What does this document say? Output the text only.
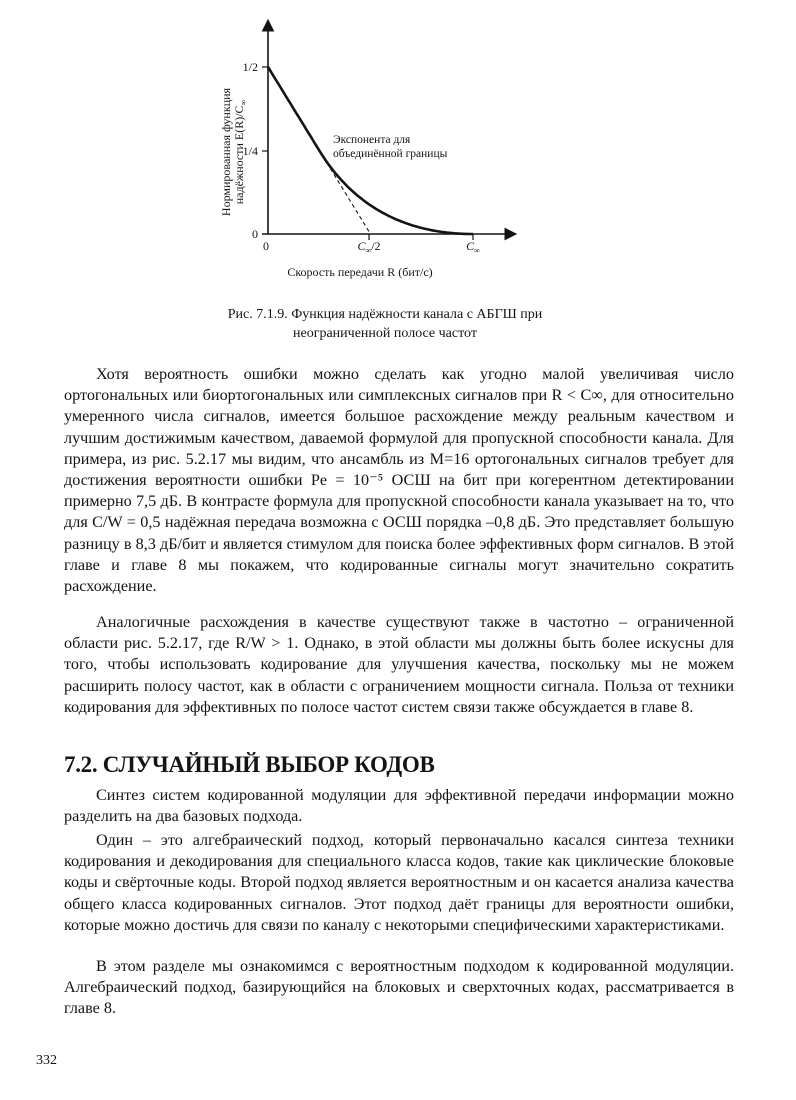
1/2
1/4
0
0	$C_\infty/2$	$C_\infty$
Скорость передачи R (бит/с)
Нормированная функция надёжности $E(R)/C_\infty$
Экспонента для
объединённой границы
Рис. 7.1.9. Функция надёжности канала с АБГШ при
неограниченной полосе частот

Хотя вероятность ошибки можно сделать как угодно малой увеличивая число ортогональных или биортогональных или симплексных сигналов при R < C∞, для относительно умеренного числа сигналов, имеется большое расхождение между реальным качеством и лучшим достижимым качеством, даваемой формулой для пропускной способности канала. Для примера, из рис. 5.2.17 мы видим, что ансамбль из M=16 ортогональных сигналов требует для достижения вероятности ошибки Pe = 10⁻⁵ ОСШ на бит при когерентном детектировании примерно 7,5 дБ. В контрасте формула для пропускной способности канала указывает на то, что для C/W = 0,5 надёжная передача возможна с ОСШ порядка –0,8 дБ. Это представляет большую разницу в 8,3 дБ/бит и является стимулом для поиска более эффективных форм сигналов. В этой главе и главе 8 мы покажем, что кодированные сигналы могут значительно сократить расхождение.

Аналогичные расхождения в качестве существуют также в частотно – ограниченной области рис. 5.2.17, где R/W > 1. Однако, в этой области мы должны быть более искусны для того, чтобы использовать кодирование для улучшения качества, поскольку мы не можем расширить полосу частот, как в области с ограничением мощности сигнала. Польза от техники кодирования для эффективных по полосе частот систем связи также обсуждается в главе 8.

7.2. СЛУЧАЙНЫЙ ВЫБОР КОДОВ

Синтез систем кодированной модуляции для эффективной передачи информации можно разделить на два базовых подхода.

Один – это алгебраический подход, который первоначально касался синтеза техники кодирования и декодирования для специального класса кодов, такие как циклические блоковые коды и свёрточные коды. Второй подход является вероятностным и он касается анализа качества общего класса кодированных сигналов. Этот подход даёт границы для вероятности ошибки, которые можно достичь для связи по каналу с некоторыми специфическими характеристиками.

В этом разделе мы ознакомимся с вероятностным подходом к кодированной модуляции. Алгебраический подход, базирующийся на блоковых и сверхточных кодах, рассматривается в главе 8.

332
